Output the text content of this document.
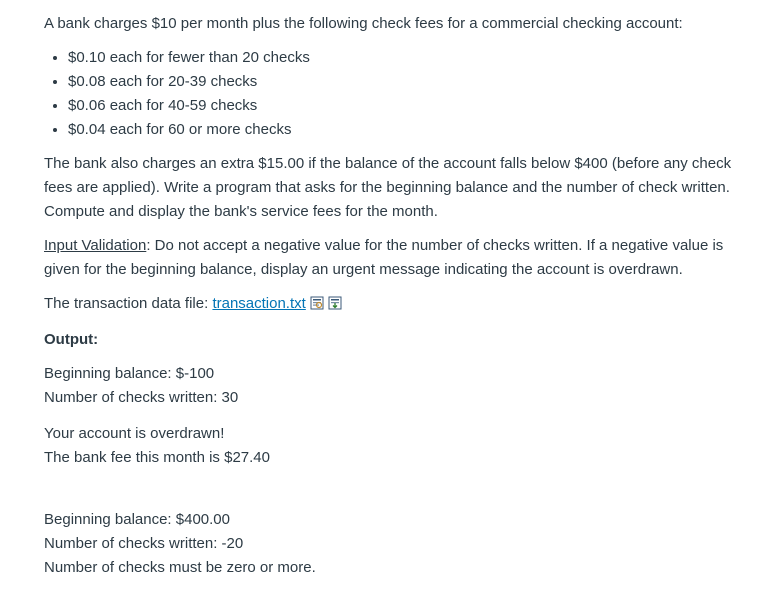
A bank charges $10 per month plus the following check fees for a commercial checking account:

• $0.10 each for fewer than 20 checks
• $0.08 each for 20-39 checks
• $0.06 each for 40-59 checks
• $0.04 each for 60 or more checks

The bank also charges an extra $15.00 if the balance of the account falls below $400 (before any check fees are applied). Write a program that asks for the beginning balance and the number of check written. Compute and display the bank's service fees for the month.

Input Validation: Do not accept a negative value for the number of checks written. If a negative value is given for the beginning balance, display an urgent message indicating the account is overdrawn.

The transaction data file: transaction.txt

Output:

Beginning balance: $-100

Number of checks written: 30

Your account is overdrawn!

The bank fee this month is $27.40

Beginning balance: $400.00

Number of checks written: -20

Number of checks must be zero or more.
